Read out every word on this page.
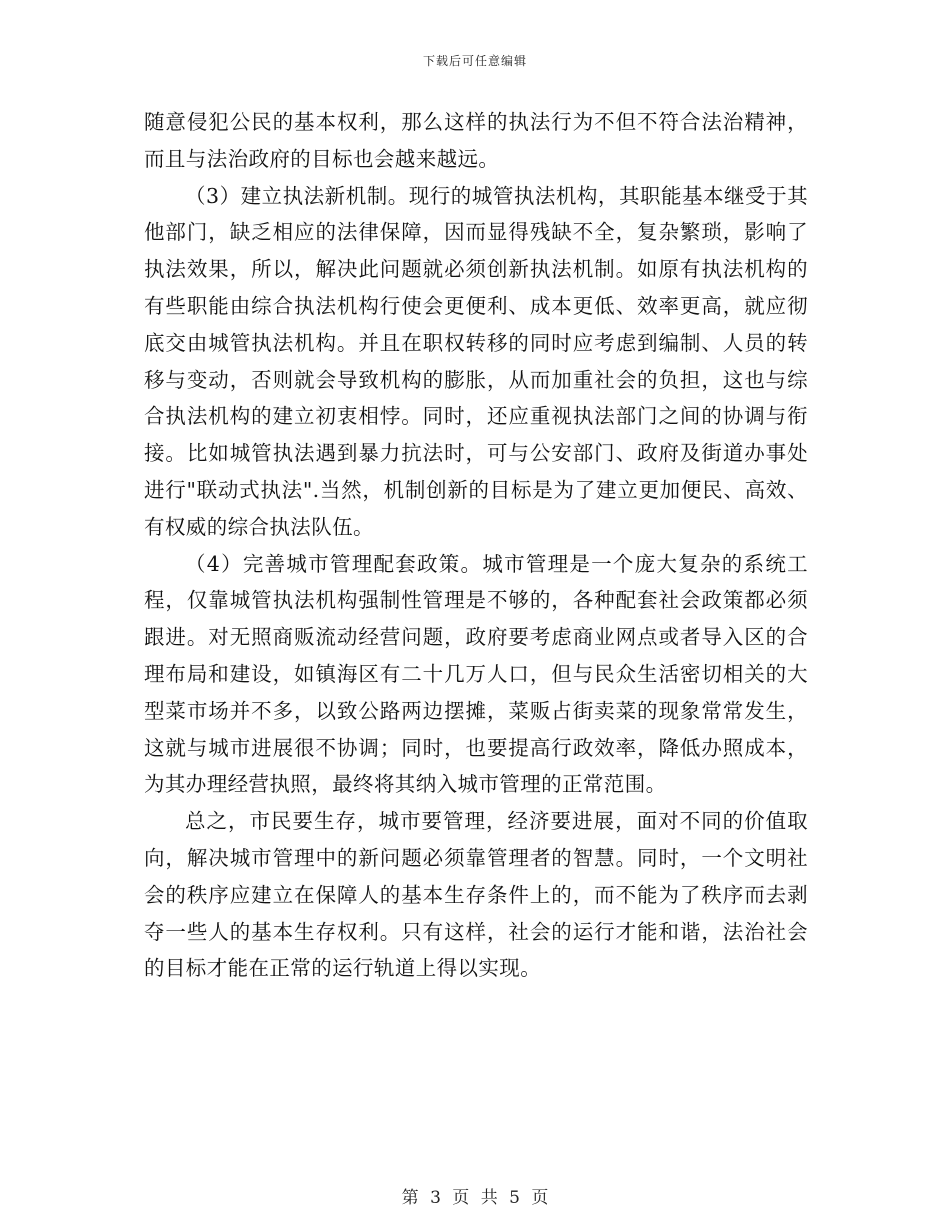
下载后可任意编辑

随意侵犯公民的基本权利，那么这样的执法行为不但不符合法治精神，而且与法治政府的目标也会越来越远。

（3）建立执法新机制。现行的城管执法机构，其职能基本继受于其他部门，缺乏相应的法律保障，因而显得残缺不全，复杂繁琐，影响了执法效果，所以，解决此问题就必须创新执法机制。如原有执法机构的有些职能由综合执法机构行使会更便利、成本更低、效率更高，就应彻底交由城管执法机构。并且在职权转移的同时应考虑到编制、人员的转移与变动，否则就会导致机构的膨胀，从而加重社会的负担，这也与综合执法机构的建立初衷相悖。同时，还应重视执法部门之间的协调与衔接。比如城管执法遇到暴力抗法时，可与公安部门、政府及街道办事处进行"联动式执法".当然，机制创新的目标是为了建立更加便民、高效、有权威的综合执法队伍。

（4）完善城市管理配套政策。城市管理是一个庞大复杂的系统工程，仅靠城管执法机构强制性管理是不够的，各种配套社会政策都必须跟进。对无照商贩流动经营问题，政府要考虑商业网点或者导入区的合理布局和建设，如镇海区有二十几万人口，但与民众生活密切相关的大型菜市场并不多，以致公路两边摆摊，菜贩占街卖菜的现象常常发生，这就与城市进展很不协调；同时，也要提高行政效率，降低办照成本，为其办理经营执照，最终将其纳入城市管理的正常范围。

总之，市民要生存，城市要管理，经济要进展，面对不同的价值取向，解决城市管理中的新问题必须靠管理者的智慧。同时，一个文明社会的秩序应建立在保障人的基本生存条件上的，而不能为了秩序而去剥夺一些人的基本生存权利。只有这样，社会的运行才能和谐，法治社会的目标才能在正常的运行轨道上得以实现。

第 3 页 共 5 页
